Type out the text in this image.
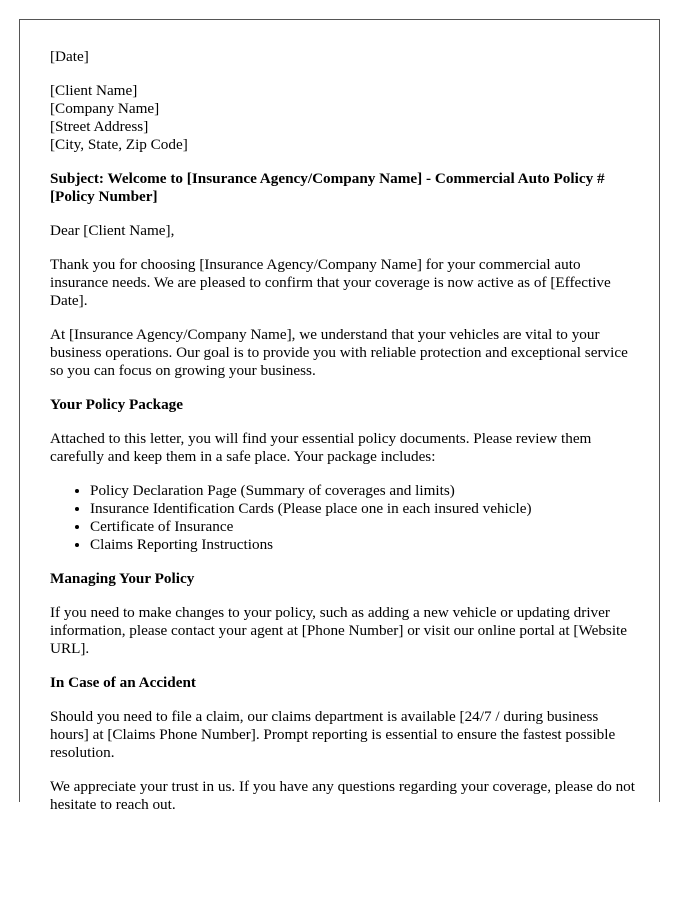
[Date]

[Client Name]
[Company Name]
[Street Address]
[City, State, Zip Code]

Subject: Welcome to [Insurance Agency/Company Name] - Commercial Auto Policy #[Policy Number]

Dear [Client Name],

Thank you for choosing [Insurance Agency/Company Name] for your commercial auto insurance needs. We are pleased to confirm that your coverage is now active as of [Effective Date].

At [Insurance Agency/Company Name], we understand that your vehicles are vital to your business operations. Our goal is to provide you with reliable protection and exceptional service so you can focus on growing your business.

Your Policy Package

Attached to this letter, you will find your essential policy documents. Please review them carefully and keep them in a safe place. Your package includes:

• Policy Declaration Page (Summary of coverages and limits)
• Insurance Identification Cards (Please place one in each insured vehicle)
• Certificate of Insurance
• Claims Reporting Instructions
Managing Your Policy

If you need to make changes to your policy, such as adding a new vehicle or updating driver information, please contact your agent at [Phone Number] or visit our online portal at [Website URL].

In Case of an Accident

Should you need to file a claim, our claims department is available [24/7 / during business hours] at [Claims Phone Number]. Prompt reporting is essential to ensure the fastest possible resolution.

We appreciate your trust in us. If you have any questions regarding your coverage, please do not hesitate to reach out.
